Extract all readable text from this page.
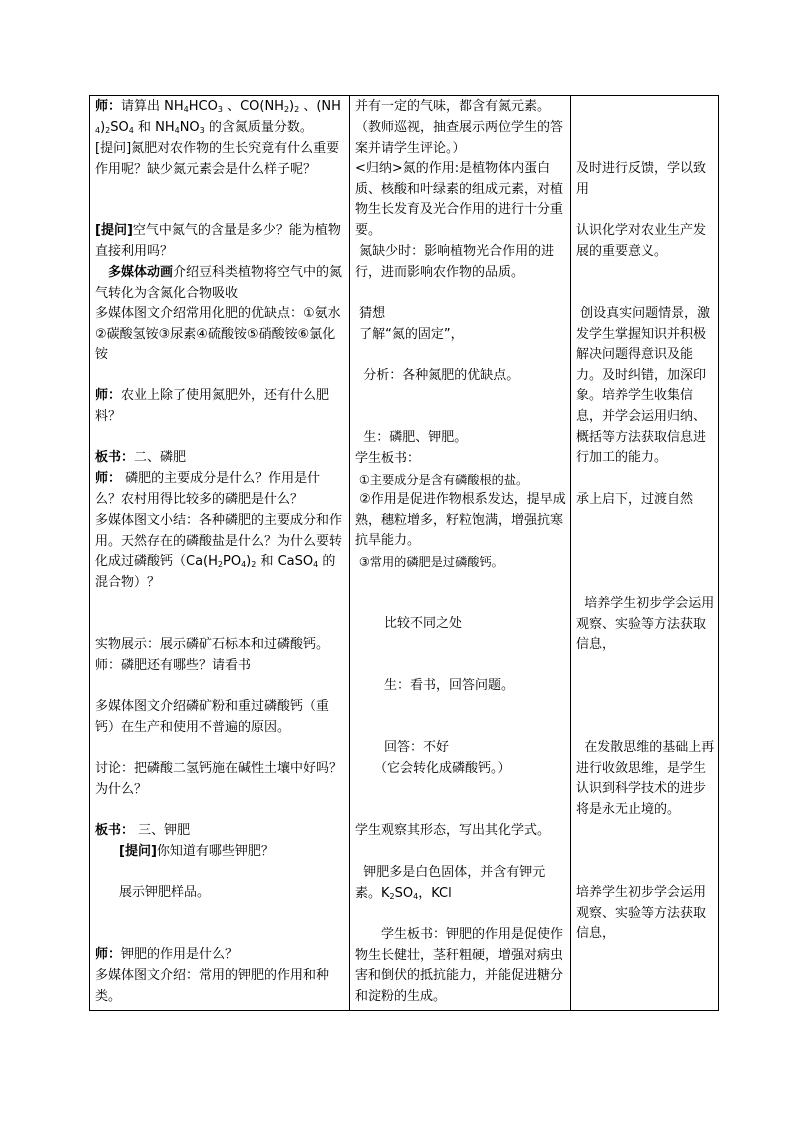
师：请算出 $NH_4HCO_3$ 、$CO(NH_2)_2$ 、$(NH_4)_2SO_4$ 和 $NH_4NO_3$ 的含氮质量分数。

[提问]氮肥对农作物的生长究竟有什么重要作用呢？缺少氮元素会是什么样子呢？

[提问]空气中氮气的含量是多少？能为植物直接利用吗？

多媒体动画介绍豆科类植物将空气中的氮气转化为含氮化合物吸收

多媒体图文介绍常用化肥的优缺点：①氨水②碳酸氢铵③尿素④硫酸铵⑤硝酸铵⑥氯化铵

师：农业上除了使用氮肥外，还有什么肥料？

板书：二、磷肥

师： 磷肥的主要成分是什么？作用是什么？农村用得比较多的磷肥是什么？

多媒体图文小结：各种磷肥的主要成分和作用。天然存在的磷酸盐是什么？为什么要转化成过磷酸钙（$Ca(H_2PO_4)_2$ 和 CaSO$_4$ 的混合物）？

实物展示：展示磷矿石标本和过磷酸钙。

师：磷肥还有哪些？请看书

多媒体图文介绍磷矿粉和重过磷酸钙（重钙）在生产和使用不普遍的原因。

讨论：把磷酸二氢钙施在碱性土壤中好吗？为什么？

板书： 三、钾肥

[提问]你知道有哪些钾肥？

展示钾肥样品。

师：钾肥的作用是什么？

多媒体图文介绍：常用的钾肥的作用和种类。

并有一定的气味，都含有氮元素。

（教师巡视，抽查展示两位学生的答案并请学生评论。）

<归纳>氮的作用:是植物体内蛋白质、核酸和叶绿素的组成元素，对植物生长发育及光合作用的进行十分重要。

氮缺少时：影响植物光合作用的进行，进而影响农作物的品质。

猜想

了解“氮的固定”，

分析：各种氮肥的优缺点。

生：磷肥、钾肥。

学生板书：

①主要成分是含有磷酸根的盐。

②作用是促进作物根系发达，提早成熟，穗粒增多，籽粒饱满，增强抗寒抗旱能力。

③常用的磷肥是过磷酸钙。

比较不同之处

生：看书，回答问题。

回答：不好

（它会转化成磷酸钙。）

学生观察其形态，写出其化学式。

钾肥多是白色固体，并含有钾元素。$K_2SO_4$，KCl

学生板书：钾肥的作用是促使作物生长健壮，茎秆粗硬，增强对病虫害和倒伏的抵抗能力，并能促进糖分和淀粉的生成。

及时进行反馈，学以致用

认识化学对农业生产发展的重要意义。

创设真实问题情景，激发学生掌握知识并积极解决问题得意识及能力。及时纠错，加深印象。培养学生收集信息，并学会运用归纳、概括等方法获取信息进行加工的能力。

承上启下，过渡自然

培养学生初步学会运用观察、实验等方法获取信息，

在发散思维的基础上再进行收敛思维，是学生认识到科学技术的进步将是永无止境的。

培养学生初步学会运用观察、实验等方法获取信息，
